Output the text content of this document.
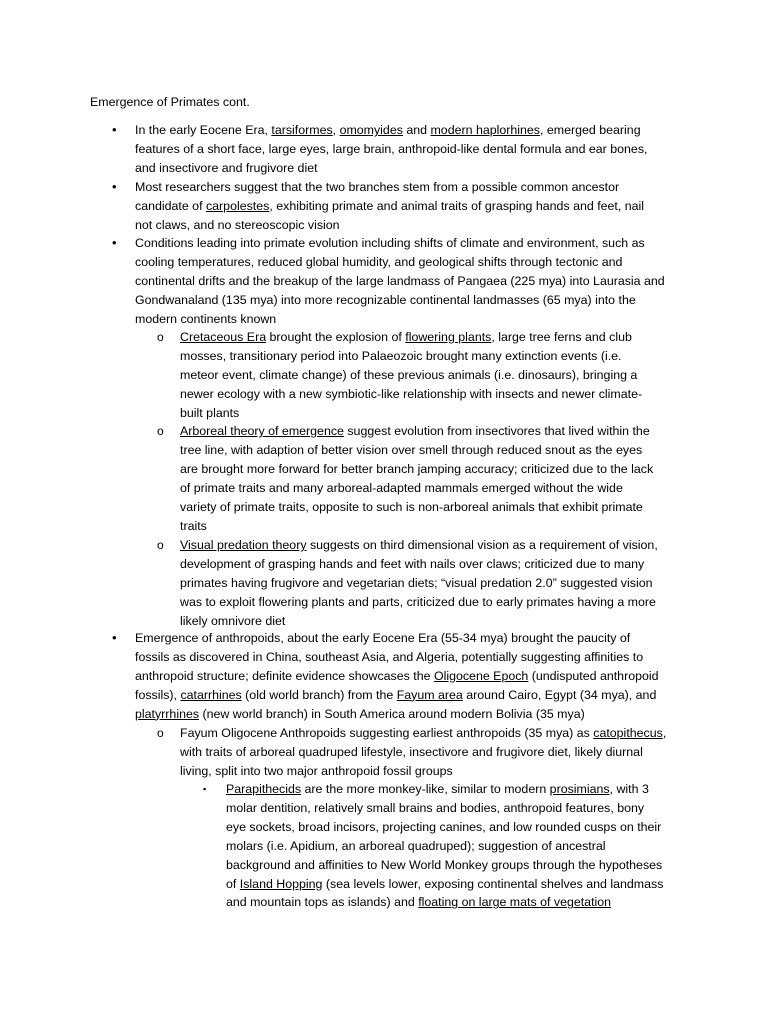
Emergence of Primates cont.
• In the early Eocene Era, tarsiformes, omomyides and modern haplorhines, emerged bearing
features of a short face, large eyes, large brain, anthropoid-like dental formula and ear bones,
and insectivore and frugivore diet
• Most researchers suggest that the two branches stem from a possible common ancestor
candidate of carpolestes, exhibiting primate and animal traits of grasping hands and feet, nail
not claws, and no stereoscopic vision
• Conditions leading into primate evolution including shifts of climate and environment, such as
cooling temperatures, reduced global humidity, and geological shifts through tectonic and
continental drifts and the breakup of the large landmass of Pangaea (225 mya) into Laurasia and
Gondwanaland (135 mya) into more recognizable continental landmasses (65 mya) into the
modern continents known
o Cretaceous Era brought the explosion of flowering plants, large tree ferns and club
mosses, transitionary period into Palaeozoic brought many extinction events (i.e.
meteor event, climate change) of these previous animals (i.e. dinosaurs), bringing a
newer ecology with a new symbiotic-like relationship with insects and newer climate-
built plants
o Arboreal theory of emergence suggest evolution from insectivores that lived within the
tree line, with adaption of better vision over smell through reduced snout as the eyes
are brought more forward for better branch jamping accuracy; criticized due to the lack
of primate traits and many arboreal-adapted mammals emerged without the wide
variety of primate traits, opposite to such is non-arboreal animals that exhibit primate
traits
o Visual predation theory suggests on third dimensional vision as a requirement of vision,
development of grasping hands and feet with nails over claws; criticized due to many
primates having frugivore and vegetarian diets; “visual predation 2.0” suggested vision
was to exploit flowering plants and parts, criticized due to early primates having a more
likely omnivore diet
• Emergence of anthropoids, about the early Eocene Era (55-34 mya) brought the paucity of
fossils as discovered in China, southeast Asia, and Algeria, potentially suggesting affinities to
anthropoid structure; definite evidence showcases the Oligocene Epoch (undisputed anthropoid
fossils), catarrhines (old world branch) from the Fayum area around Cairo, Egypt (34 mya), and
platyrrhines (new world branch) in South America around modern Bolivia (35 mya)
o Fayum Oligocene Anthropoids suggesting earliest anthropoids (35 mya) as catopithecus,
with traits of arboreal quadruped lifestyle, insectivore and frugivore diet, likely diurnal
living, split into two major anthropoid fossil groups
▪ Parapithecids are the more monkey-like, similar to modern prosimians, with 3
molar dentition, relatively small brains and bodies, anthropoid features, bony
eye sockets, broad incisors, projecting canines, and low rounded cusps on their
molars (i.e. Apidium, an arboreal quadruped); suggestion of ancestral
background and affinities to New World Monkey groups through the hypotheses
of Island Hopping (sea levels lower, exposing continental shelves and landmass
and mountain tops as islands) and floating on large mats of vegetation
